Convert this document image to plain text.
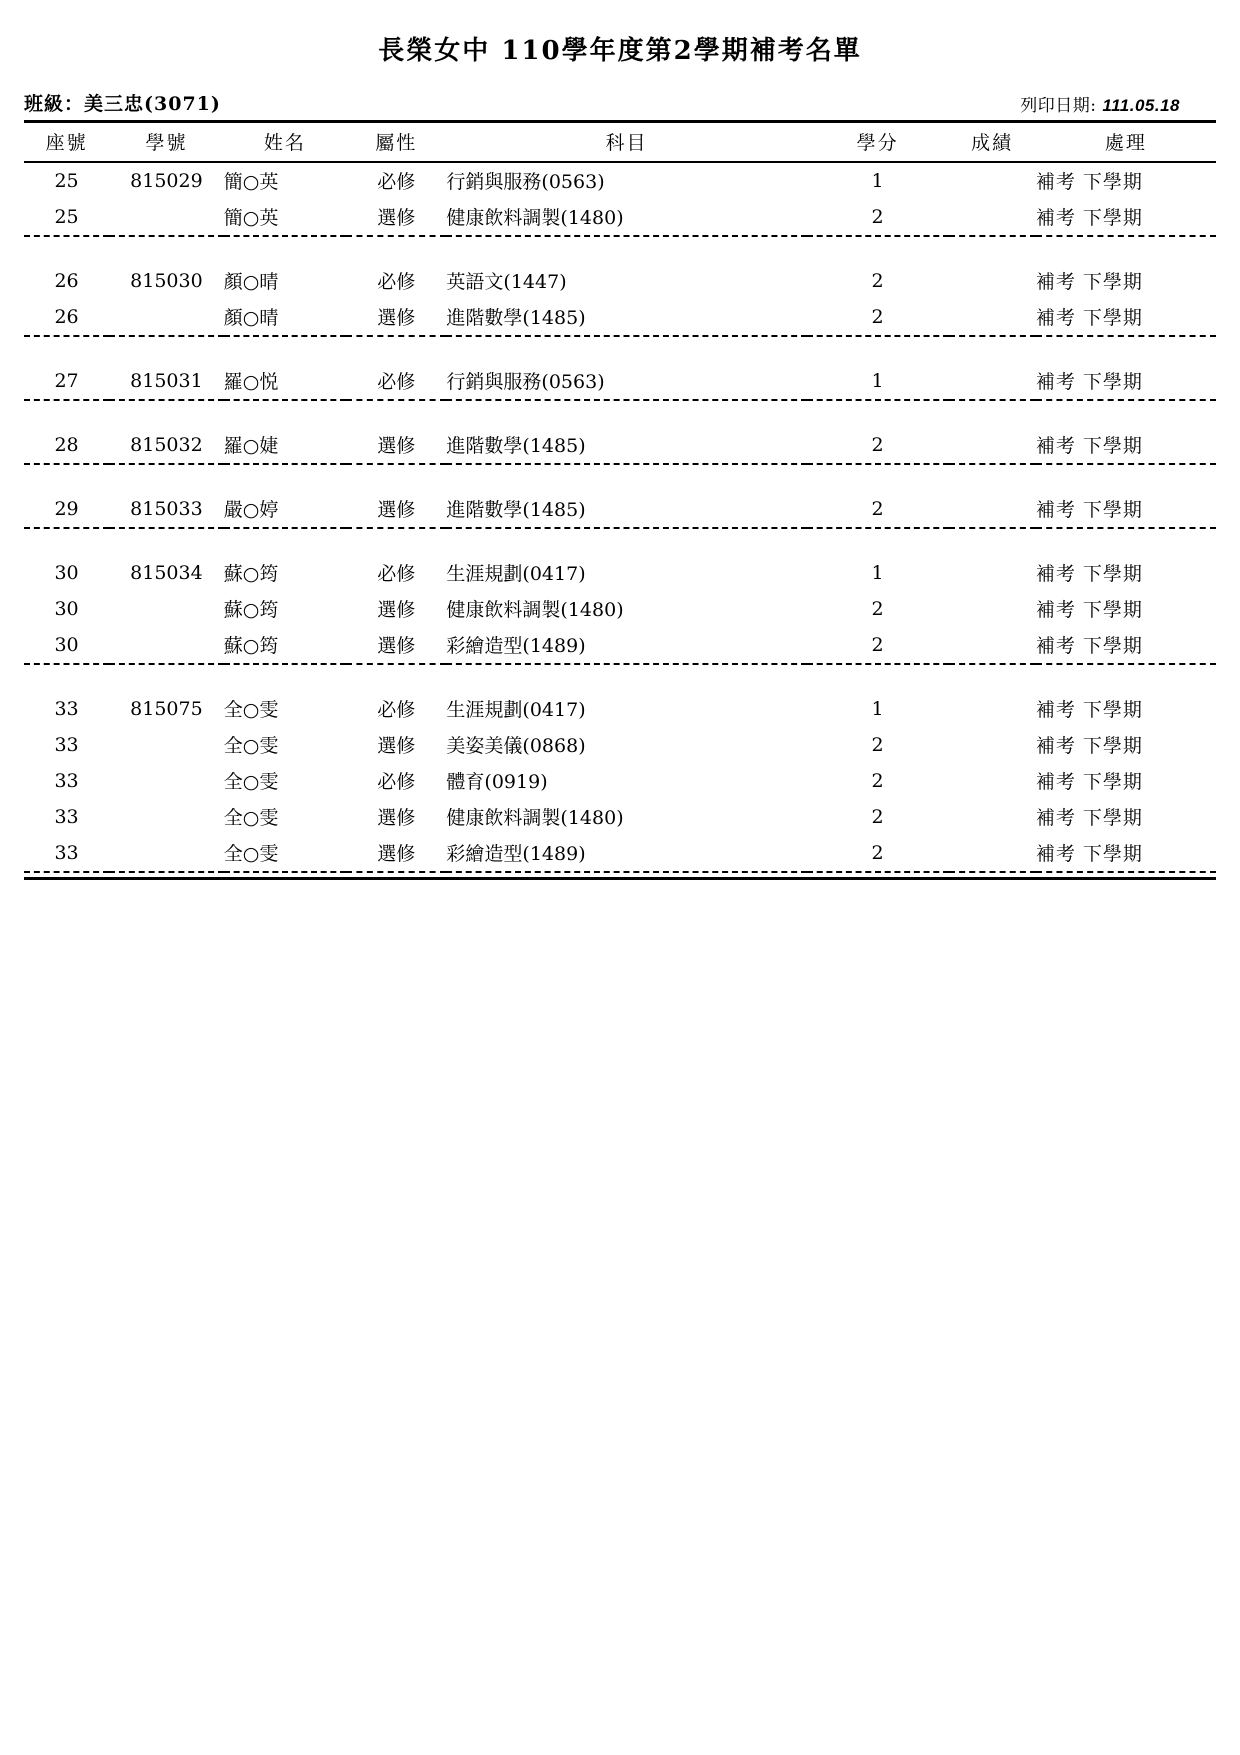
長榮女中 110學年度第2學期補考名單
班級：美三忠(3071)	列印日期: 111.05.18
座號	學號	姓名	屬性	科目	學分	成績	處理
25	815029	簡○英	必修	行銷與服務(0563)	1		補考 下學期
25		簡○英	選修	健康飲料調製(1480)	2		補考 下學期

26	815030	顏○晴	必修	英語文(1447)	2		補考 下學期
26		顏○晴	選修	進階數學(1485)	2		補考 下學期

27	815031	羅○悦	必修	行銷與服務(0563)	1		補考 下學期

28	815032	羅○婕	選修	進階數學(1485)	2		補考 下學期

29	815033	嚴○婷	選修	進階數學(1485)	2		補考 下學期

30	815034	蘇○筠	必修	生涯規劃(0417)	1		補考 下學期
30		蘇○筠	選修	健康飲料調製(1480)	2		補考 下學期
30		蘇○筠	選修	彩繪造型(1489)	2		補考 下學期

33	815075	全○雯	必修	生涯規劃(0417)	1		補考 下學期
33		全○雯	選修	美姿美儀(0868)	2		補考 下學期
33		全○雯	必修	體育(0919)	2		補考 下學期
33		全○雯	選修	健康飲料調製(1480)	2		補考 下學期
33		全○雯	選修	彩繪造型(1489)	2		補考 下學期
